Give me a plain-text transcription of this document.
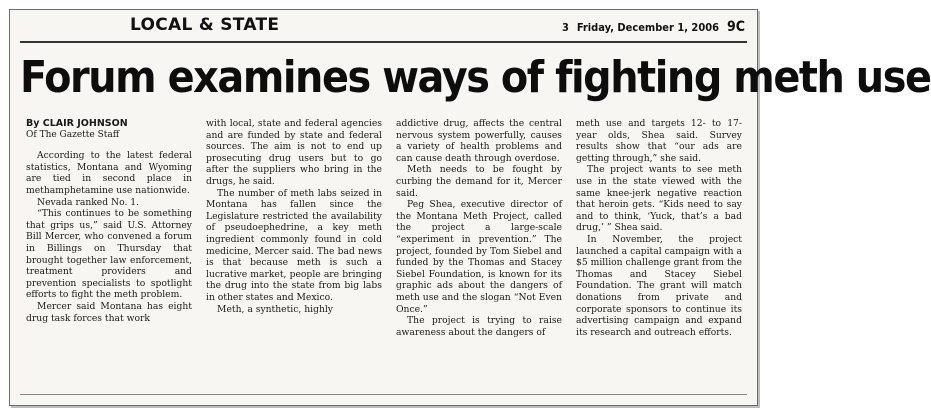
LOCAL & STATE	3 Friday, December 1, 2006 9C
Forum examines ways of fighting meth use

By CLAIR JOHNSON

Of The Gazette Staff

According to the latest federal statistics, Montana and Wyoming are tied in second place in methamphetamine use nationwide.

Nevada ranked No. 1.

“This continues to be something that grips us,” said U.S. Attorney Bill Mercer, who convened a forum in Billings on Thursday that brought together law enforcement, treatment providers and prevention specialists to spotlight efforts to fight the meth problem.

Mercer said Montana has eight drug task forces that work

with local, state and federal agencies and are funded by state and federal sources. The aim is not to end up prosecuting drug users but to go after the suppliers who bring in the drugs, he said.

The number of meth labs seized in Montana has fallen since the Legislature restricted the availability of pseudoephedrine, a key meth ingredient commonly found in cold medicine, Mercer said. The bad news is that because meth is such a lucrative market, people are bringing the drug into the state from big labs in other states and Mexico.

Meth, a synthetic, highly

addictive drug, affects the central nervous system powerfully, causes a variety of health problems and can cause death through overdose.

Meth needs to be fought by curbing the demand for it, Mercer said.

Peg Shea, executive director of the Montana Meth Project, called the project a large-scale “experiment in prevention.” The project, founded by Tom Siebel and funded by the Thomas and Stacey Siebel Foundation, is known for its graphic ads about the dangers of meth use and the slogan “Not Even Once.”

The project is trying to raise awareness about the dangers of

meth use and targets 12- to 17-year olds, Shea said. Survey results show that “our ads are getting through,” she said.

The project wants to see meth use in the state viewed with the same knee-jerk negative reaction that heroin gets. “Kids need to say and to think, ‘Yuck, that’s a bad drug,’ ” Shea said.

In November, the project launched a capital campaign with a $5 million challenge grant from the Thomas and Stacey Siebel Foundation. The grant will match donations from private and corporate sponsors to continue its advertising campaign and expand its research and outreach efforts.
